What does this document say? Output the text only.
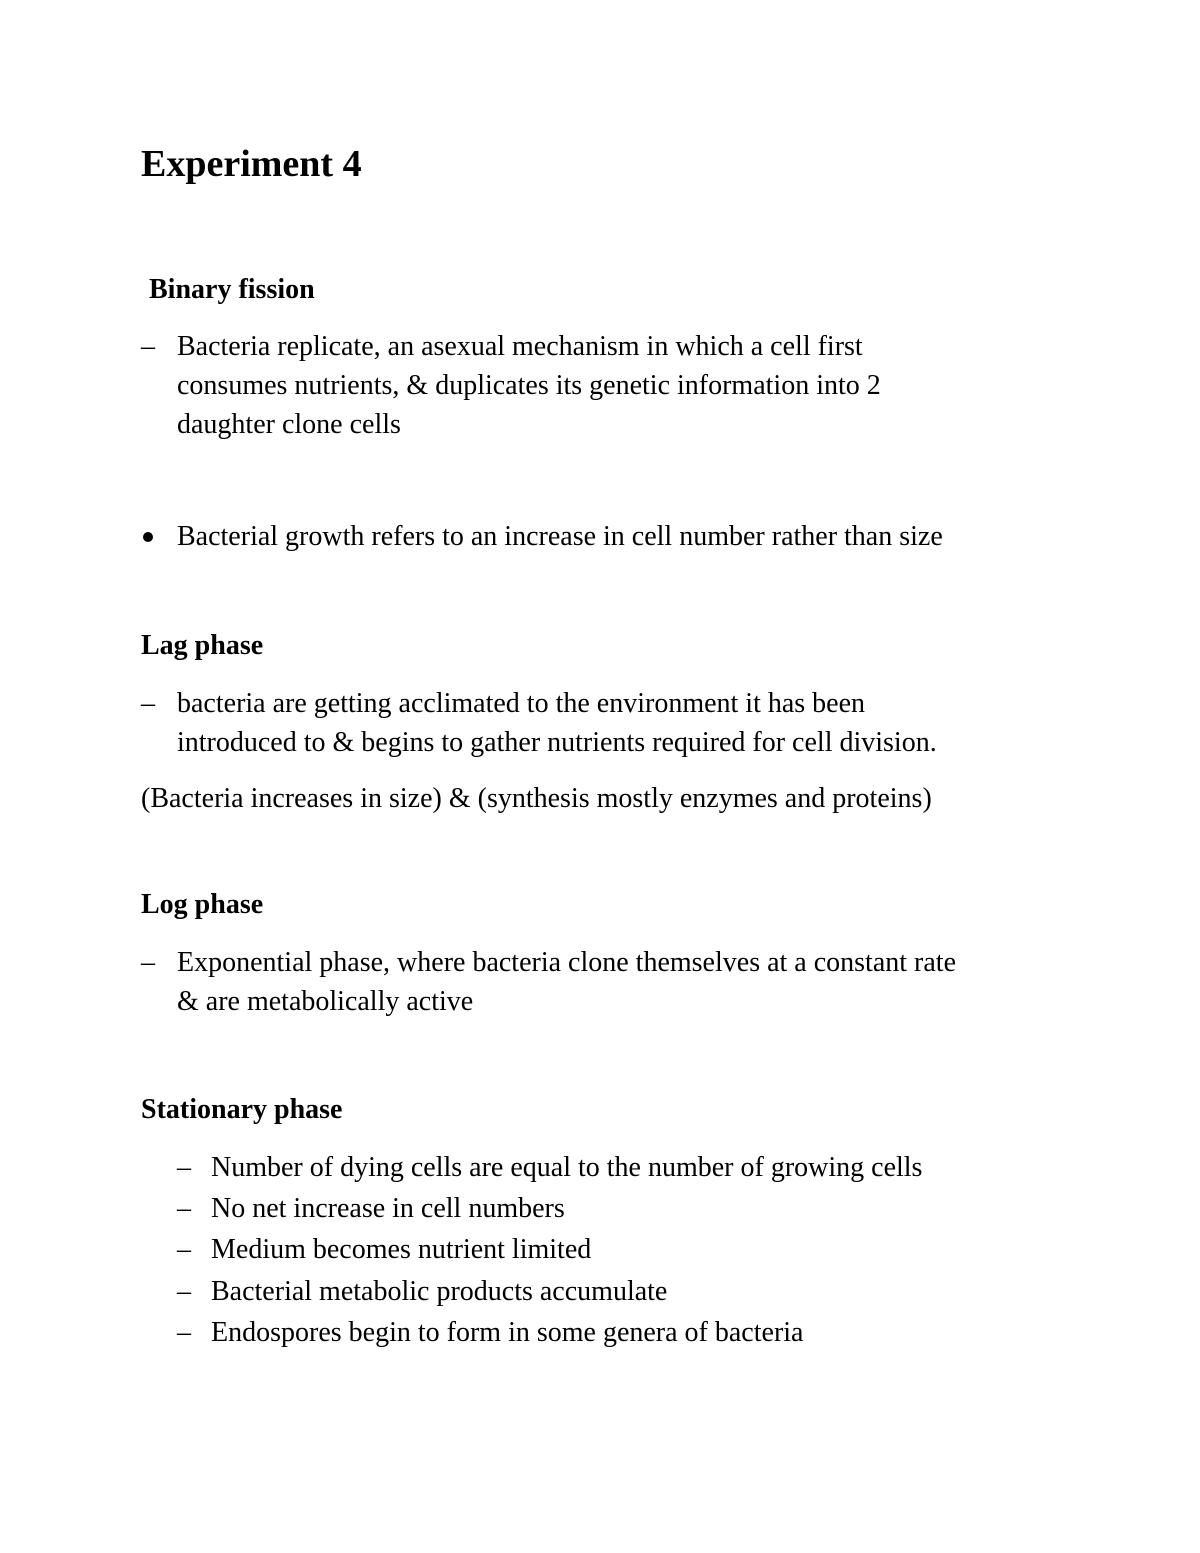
Experiment 4
Binary fission
– Bacteria replicate, an asexual mechanism in which a cell first
consumes nutrients, & duplicates its genetic information into 2
daughter clone cells
Bacterial growth refers to an increase in cell number rather than size
Lag phase
– bacteria are getting acclimated to the environment it has been
introduced to & begins to gather nutrients required for cell division.
(Bacteria increases in size) & (synthesis mostly enzymes and proteins)
Log phase
– Exponential phase, where bacteria clone themselves at a constant rate
& are metabolically active
Stationary phase
– Number of dying cells are equal to the number of growing cells
– No net increase in cell numbers
– Medium becomes nutrient limited
– Bacterial metabolic products accumulate
– Endospores begin to form in some genera of bacteria
